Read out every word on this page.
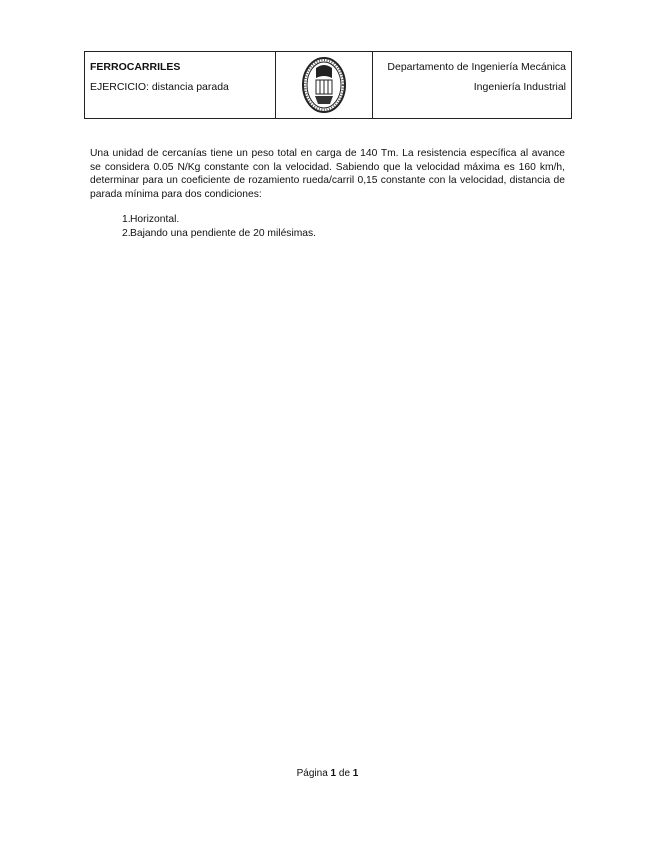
FERROCARRILES
EJERCICIO: distancia parada

Departamento de Ingeniería Mecánica
Ingeniería Industrial

Una unidad de cercanías tiene un peso total en carga de 140 Tm. La resistencia específica al avance se considera 0.05 N/Kg constante con la velocidad. Sabiendo que la velocidad máxima es 160 km/h, determinar para un coeficiente de rozamiento rueda/carril 0,15 constante con la velocidad, distancia de parada mínima para dos condiciones:

1. Horizontal.
2. Bajando una pendiente de 20 milésimas.
Página 1 de 1
